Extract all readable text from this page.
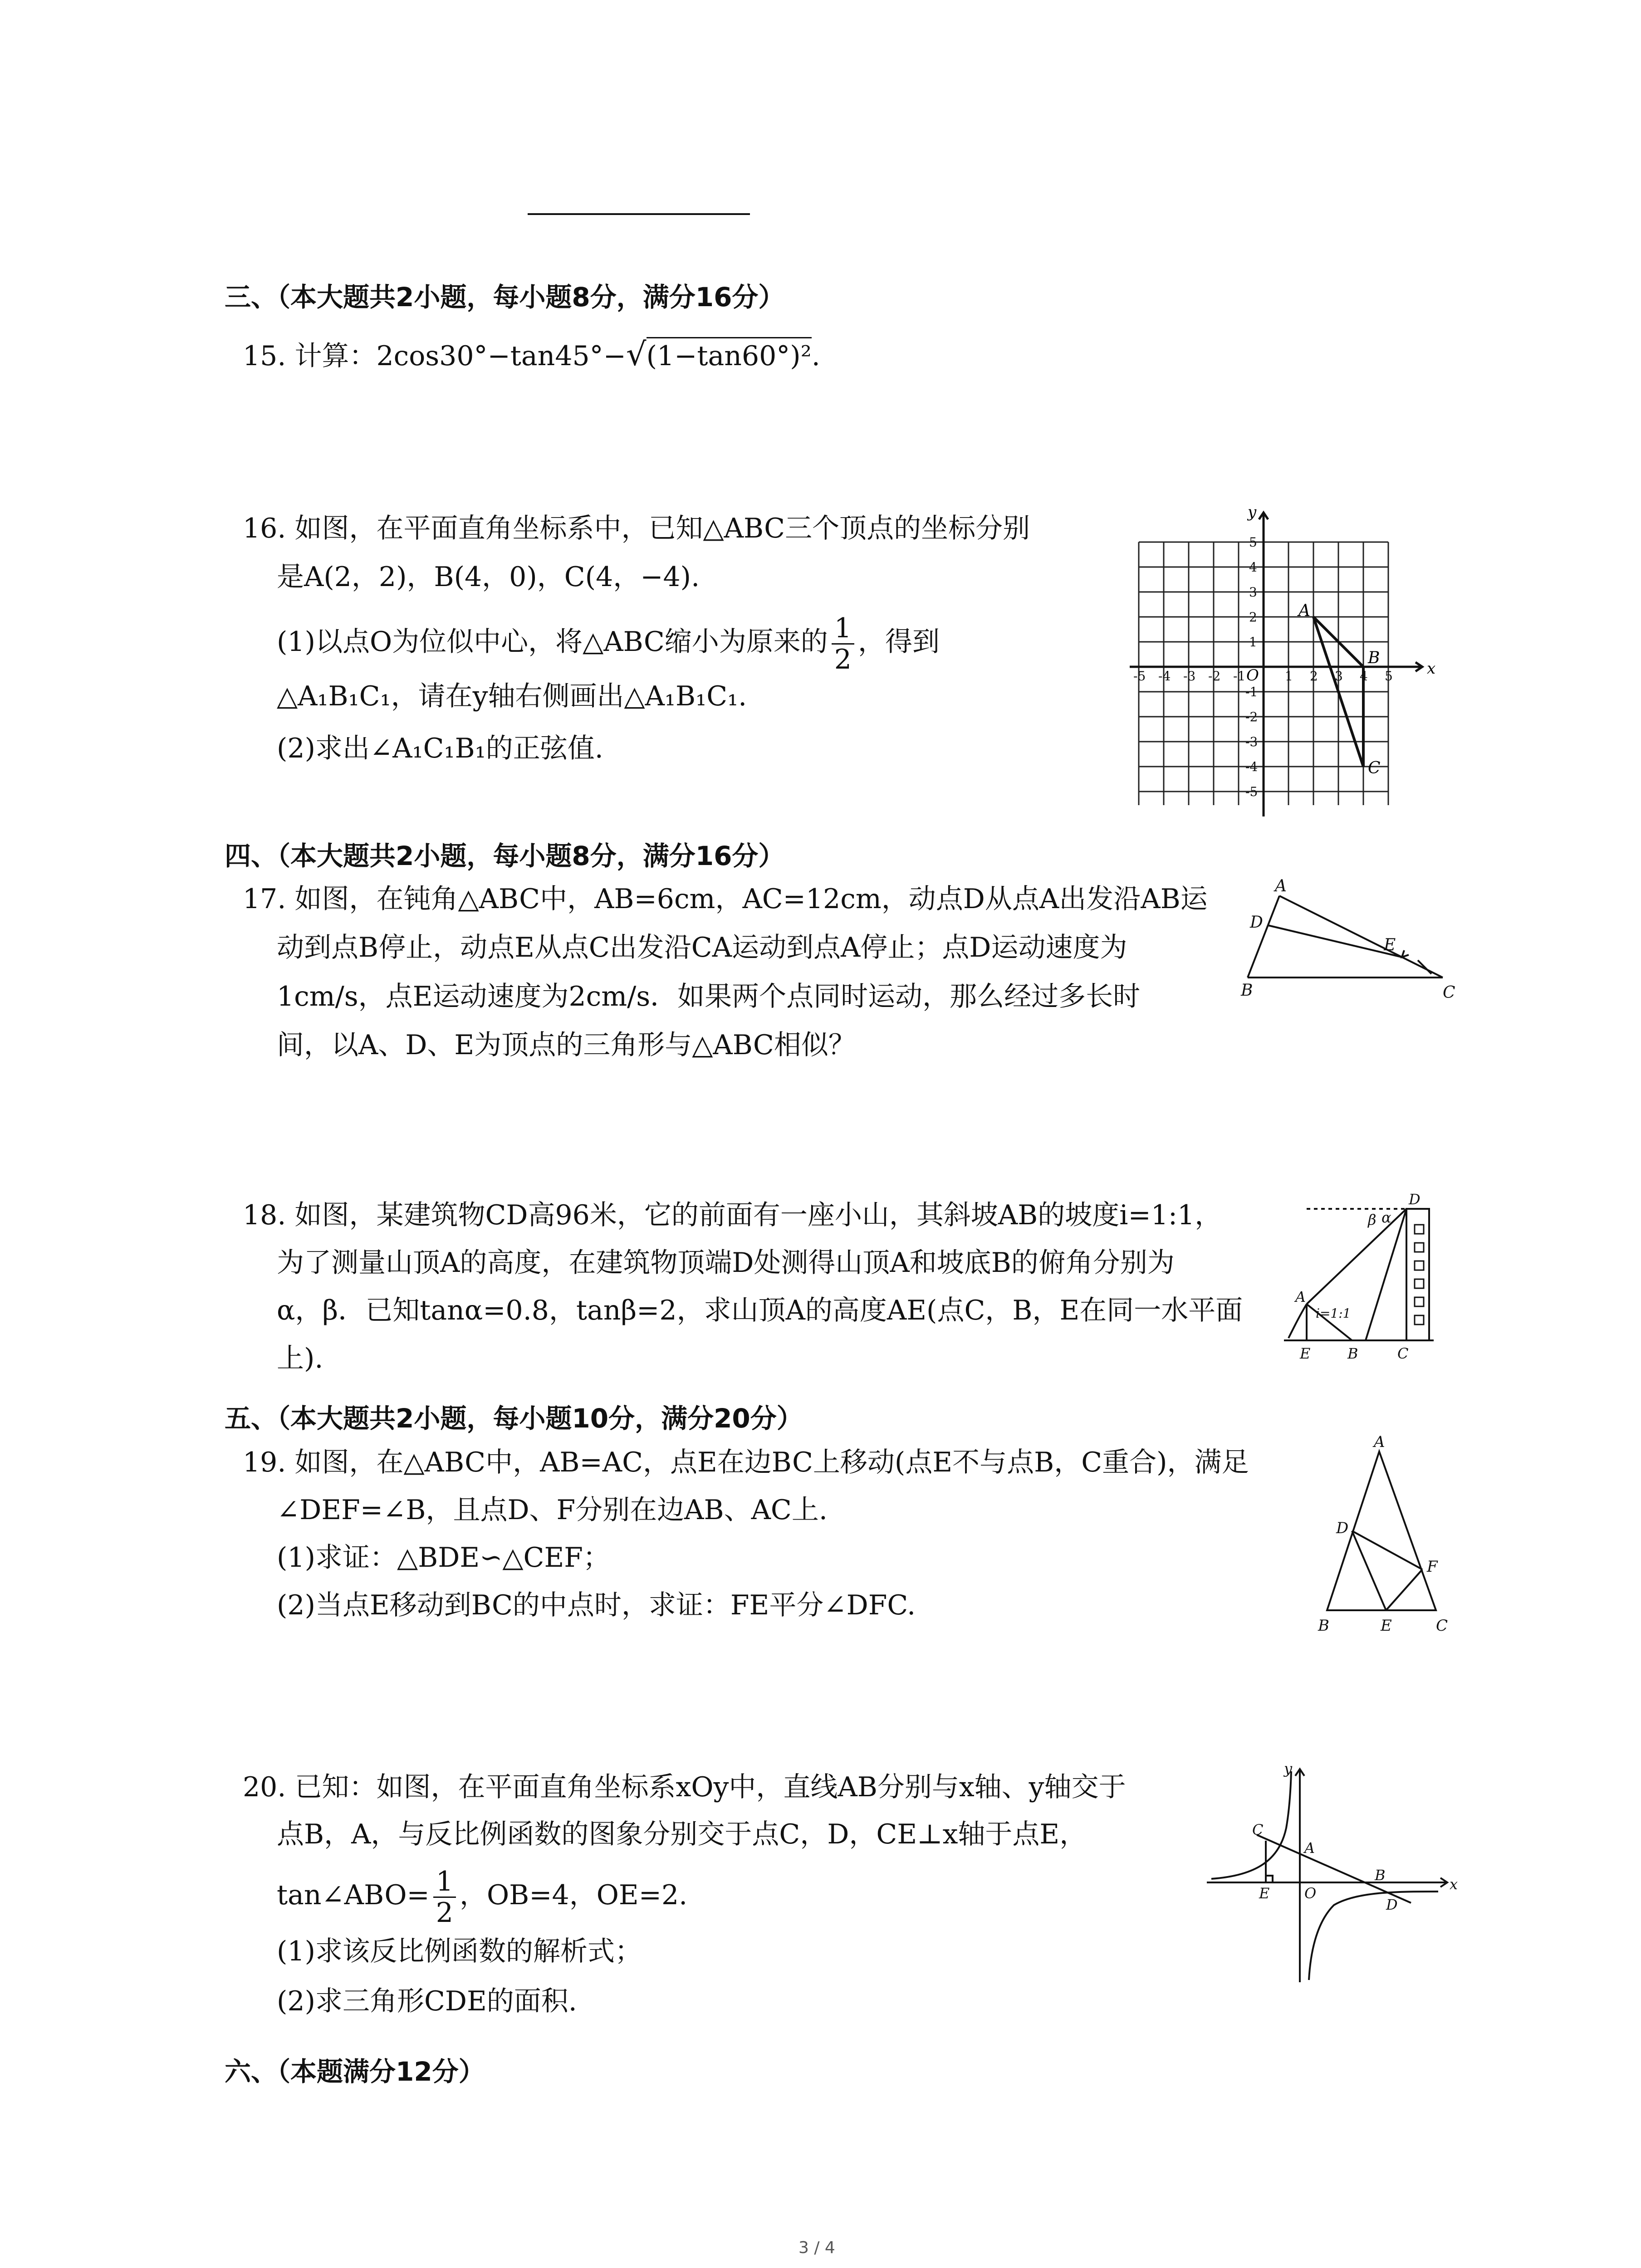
三、（本大题共2小题，每小题8分，满分16分）
15. 计算：2cos30°−tan45°−√(1−tan60°)².
16. 如图，在平面直角坐标系中，已知△ABC三个顶点的坐标分别
是A(2，2)，B(4，0)，C(4，−4).
(1)以点O为位似中心，将△ABC缩小为原来的 $\frac{1}{2}$ ，得到
△A₁B₁C₁，请在y轴右侧画出△A₁B₁C₁.
(2)求出∠A₁C₁B₁的正弦值.
x
y
O
-5 -4 -3 -2 -1	1 2 3 4 5
5
4
3
2
1
-1
-2
-3
-4
-5
A
B
C
四、（本大题共2小题，每小题8分，满分16分）
17. 如图，在钝角△ABC中，AB=6cm，AC=12cm，动点D从点A出发沿AB运
动到点B停止，动点E从点C出发沿CA运动到点A停止；点D运动速度为
1cm/s，点E运动速度为2cm/s．如果两个点同时运动，那么经过多长时
间，以A、D、E为顶点的三角形与△ABC相似？
A
D
E
B	C
18. 如图，某建筑物CD高96米，它的前面有一座小山，其斜坡AB的坡度i=1:1，
为了测量山顶A的高度，在建筑物顶端D处测得山顶A和坡底B的俯角分别为
α，β．已知tanα=0.8，tanβ=2，求山顶A的高度AE(点C，B，E在同一水平面
上).
D
β α
A
i=1:1
E	B	C
五、（本大题共2小题，每小题10分，满分20分）
19. 如图，在△ABC中，AB=AC，点E在边BC上移动(点E不与点B，C重合)，满足
∠DEF=∠B，且点D、F分别在边AB、AC上.
(1)求证：△BDE∽△CEF；
(2)当点E移动到BC的中点时，求证：FE平分∠DFC.
A
D
F
B	E	C
20. 已知：如图，在平面直角坐标系xOy中，直线AB分别与x轴、y轴交于
点B，A，与反比例函数的图象分别交于点C，D，CE⊥x轴于点E，
tan∠ABO= $\frac{1}{2}$ ，OB=4，OE=2.
(1)求该反比例函数的解析式；
(2)求三角形CDE的面积.
y
C
A
B
x
E O
D
六、（本题满分12分）
3 / 4
